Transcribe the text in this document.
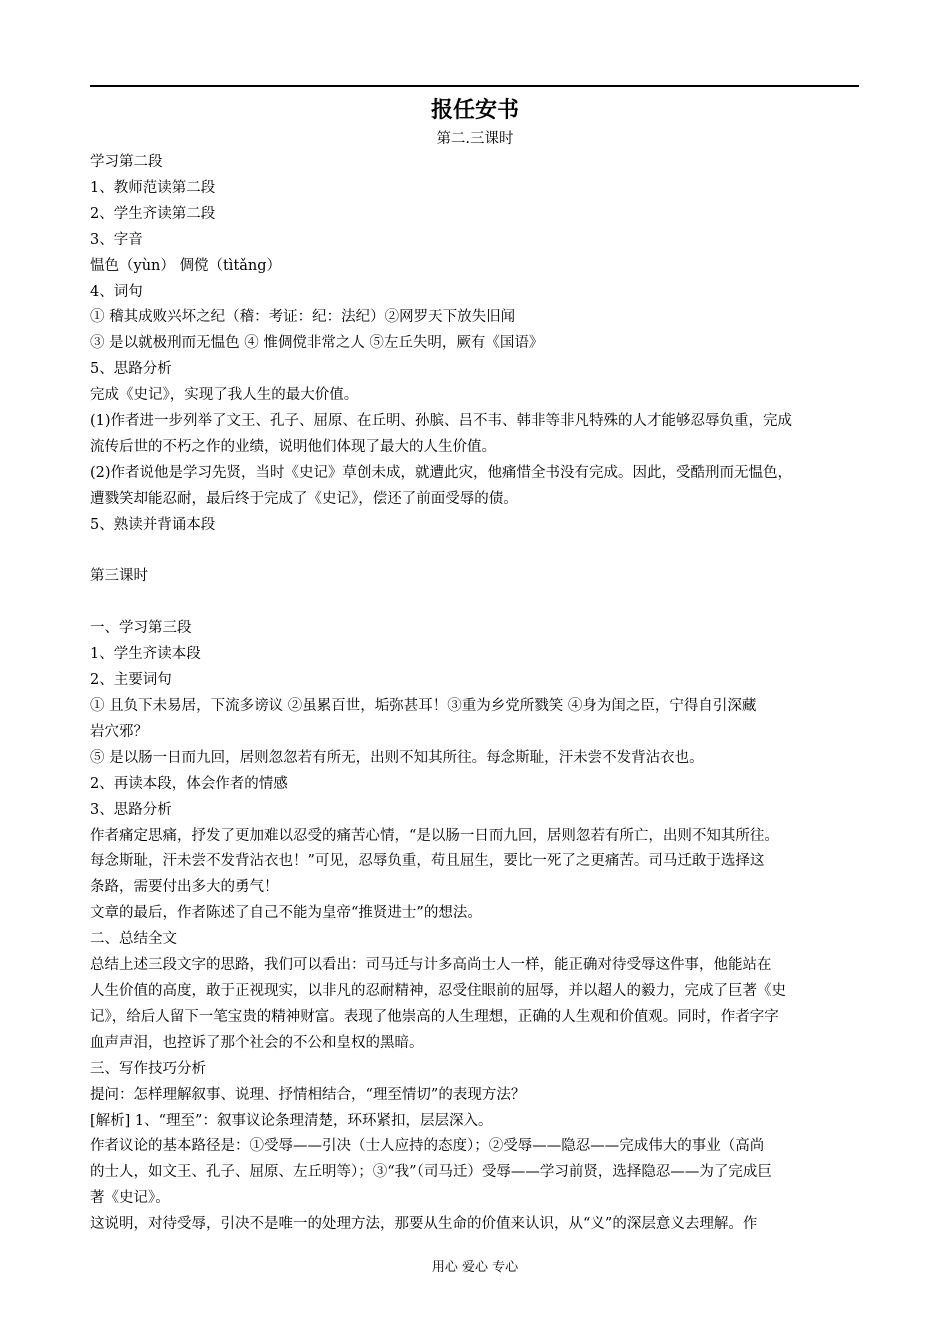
报任安书
第二.三课时

学习第二段

1、教师范读第二段

2、学生齐读第二段

3、字音

愠色（yùn） 倜傥（tìtǎng）

4、词句

① 稽其成败兴坏之纪（稽：考证：纪：法纪）②网罗天下放失旧闻

③ 是以就极刑而无愠色 ④ 惟倜傥非常之人 ⑤左丘失明，厥有《国语》

5、思路分析

完成《史记》，实现了我人生的最大价值。

(1)作者进一步列举了文王、孔子、屈原、在丘明、孙膑、吕不韦、韩非等非凡特殊的人才能够忍辱负重，完成

流传后世的不朽之作的业绩，说明他们体现了最大的人生价值。

(2)作者说他是学习先贤，当时《史记》草创未成，就遭此灾，他痛惜全书没有完成。因此，受酷刑而无愠色，

遭戮笑却能忍耐，最后终于完成了《史记》，偿还了前面受辱的债。

5、熟读并背诵本段

第三课时

一、学习第三段

1、学生齐读本段

2、主要词句

① 且负下未易居，下流多谤议 ②虽累百世，垢弥甚耳！③重为乡党所戮笑 ④身为闺之臣，宁得自引深藏

岩穴邪？

⑤ 是以肠一日而九回，居则忽忽若有所无，出则不知其所往。每念斯耻，汗未尝不发背沾衣也。

2、再读本段，体会作者的情感

3、思路分析

作者痛定思痛，抒发了更加难以忍受的痛苦心情，“是以肠一日而九回，居则忽若有所亡，出则不知其所往。

每念斯耻，汗未尝不发背沾衣也！”可见，忍辱负重，苟且屈生，要比一死了之更痛苦。司马迁敢于选择这

条路，需要付出多大的勇气！

文章的最后，作者陈述了自己不能为皇帝“推贤进士”的想法。

二、总结全文

总结上述三段文字的思路，我们可以看出：司马迁与计多高尚士人一样，能正确对待受辱这件事，他能站在

人生价值的高度，敢于正视现实，以非凡的忍耐精神，忍受住眼前的屈辱，并以超人的毅力，完成了巨著《史

记》，给后人留下一笔宝贵的精神财富。表现了他崇高的人生理想，正确的人生观和价值观。同时，作者字字

血声声泪，也控诉了那个社会的不公和皇权的黑暗。

三、写作技巧分析

提问：怎样理解叙事、说理、抒情相结合，“理至情切”的表现方法？

[解析] 1、“理至”：叙事议论条理清楚，环环紧扣，层层深入。

作者议论的基本路径是：①受辱——引决（士人应持的态度）；②受辱——隐忍——完成伟大的事业（高尚

的士人，如文王、孔子、屈原、左丘明等）；③“我”（司马迁）受辱——学习前贤，选择隐忍——为了完成巨

著《史记》。

这说明，对待受辱，引决不是唯一的处理方法，那要从生命的价值来认识，从“义”的深层意义去理解。作

用心 爱心 专心
